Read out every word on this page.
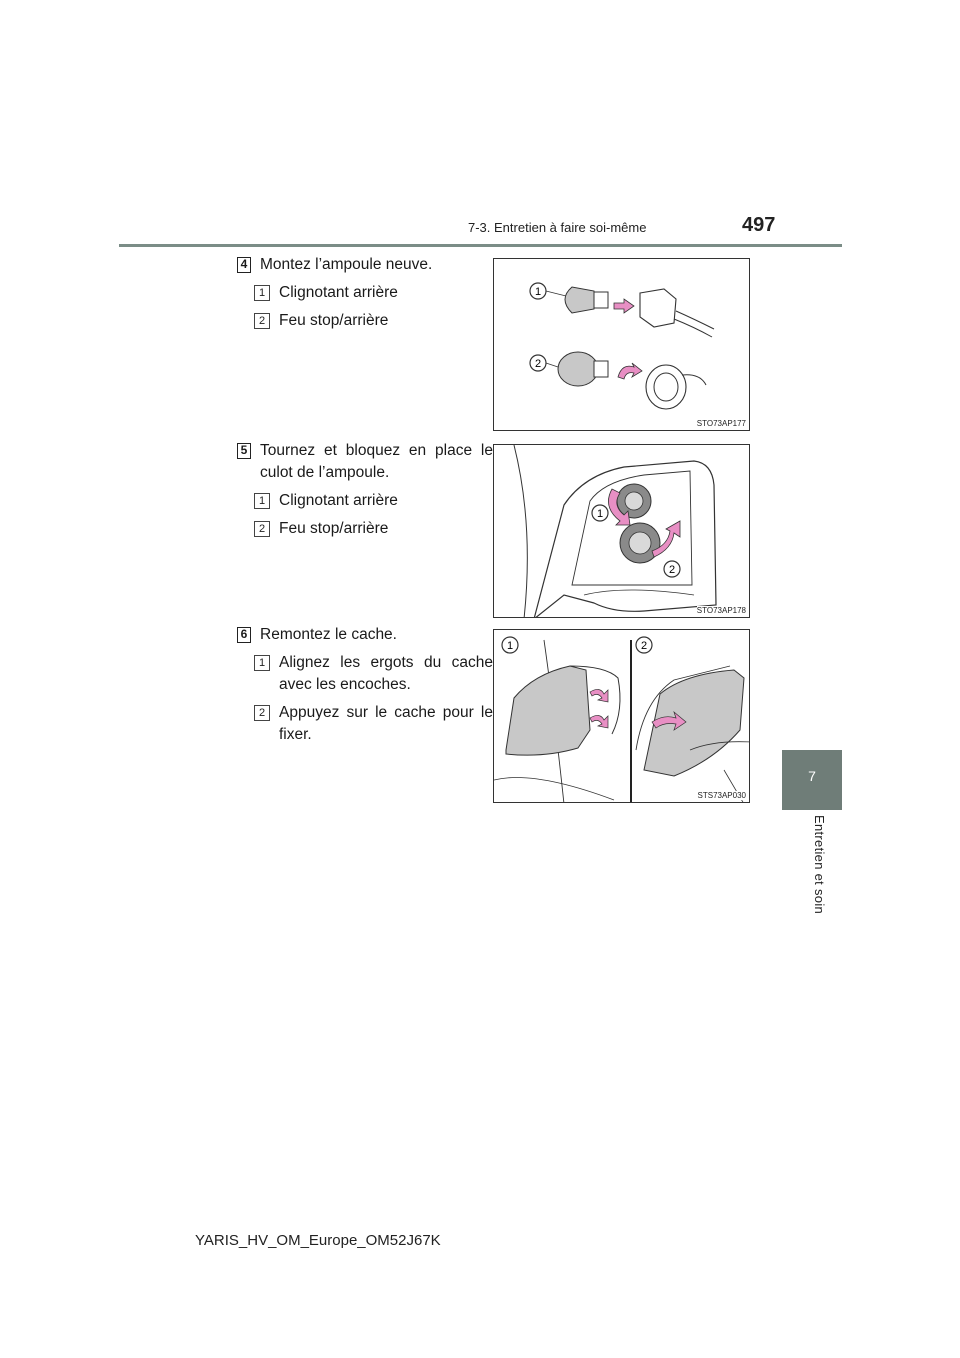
7-3. Entretien à faire soi-même	497
7
Entretien et soin
4 Montez l’ampoule neuve.
1 Clignotant arrière
2 Feu stop/arrière
1
2
STO73AP177
5 Tournez et bloquez en place le culot de l’ampoule.
1 Clignotant arrière
2 Feu stop/arrière
1
2
STO73AP178
6 Remontez le cache.
1 Alignez les ergots du cache avec les encoches.
2 Appuyez sur le cache pour le fixer.
1	2
STS73AP030
YARIS_HV_OM_Europe_OM52J67K
